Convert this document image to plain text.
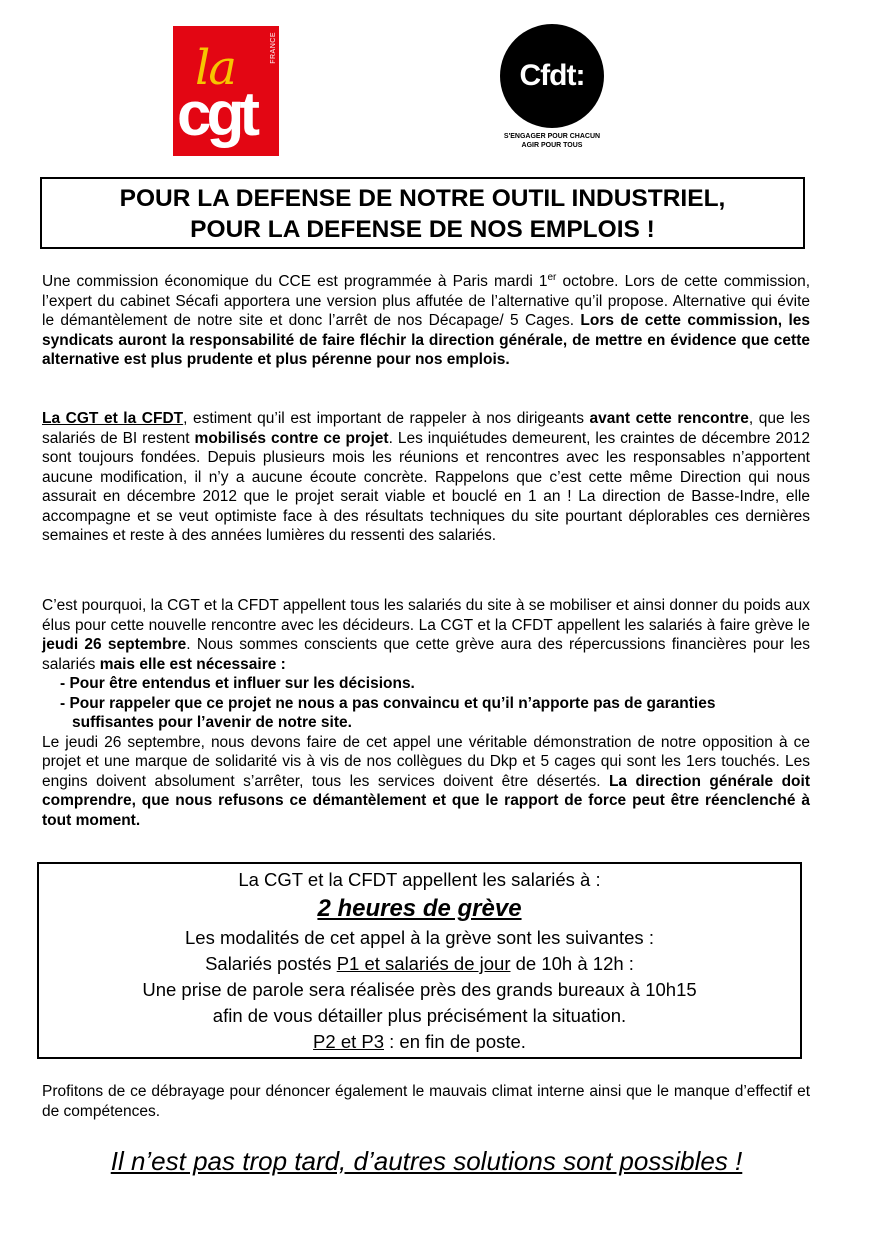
FRANCE
la
cgt
Cfdt:
S'ENGAGER POUR CHACUN
AGIR POUR TOUS
POUR LA DEFENSE DE NOTRE OUTIL INDUSTRIEL,
POUR LA DEFENSE DE NOS EMPLOIS !

Une commission économique du CCE est programmée à Paris mardi 1er octobre. Lors de cette commission, l’expert du cabinet Sécafi apportera une version plus affutée de l’alternative qu’il propose. Alternative qui évite le démantèlement de notre site et donc l’arrêt de nos Décapage/ 5 Cages. Lors de cette commission, les syndicats auront la responsabilité de faire fléchir la direction générale, de mettre en évidence que cette alternative est plus prudente et plus pérenne pour nos emplois.

La CGT et la CFDT, estiment qu’il est important de rappeler à nos dirigeants avant cette rencontre, que les salariés de BI restent mobilisés contre ce projet. Les inquiétudes demeurent, les craintes de décembre 2012 sont toujours fondées. Depuis plusieurs mois les réunions et rencontres avec les responsables n’apportent aucune modification, il n’y a aucune écoute concrète. Rappelons que c’est cette même Direction qui nous assurait en décembre 2012 que le projet serait viable et bouclé en 1 an ! La direction de Basse-Indre, elle accompagne et se veut optimiste face à des résultats techniques du site pourtant déplorables ces dernières semaines et reste à des années lumières du ressenti des salariés.

C’est pourquoi, la CGT et la CFDT appellent tous les salariés du site à se mobiliser et ainsi donner du poids aux élus pour cette nouvelle rencontre avec les décideurs. La CGT et la CFDT appellent les salariés à faire grève le jeudi 26 septembre. Nous sommes conscients que cette grève aura des répercussions financières pour les salariés mais elle est nécessaire :

- Pour être entendus et influer sur les décisions.
- Pour rappeler que ce projet ne nous a pas convaincu et qu’il n’apporte pas de garanties
suffisantes pour l’avenir de notre site.

Le jeudi 26 septembre, nous devons faire de cet appel une véritable démonstration de notre opposition à ce projet et une marque de solidarité vis à vis de nos collègues du Dkp et 5 cages qui sont les 1ers touchés. Les engins doivent absolument s’arrêter, tous les services doivent être désertés. La direction générale doit comprendre, que nous refusons ce démantèlement et que le rapport de force peut être réenclenché à tout moment.

La CGT et la CFDT appellent les salariés à :
2 heures de grève
Les modalités de cet appel à la grève sont les suivantes :
Salariés postés P1 et salariés de jour de 10h à 12h :
Une prise de parole sera réalisée près des grands bureaux à 10h15
afin de vous détailler plus précisément la situation.
P2 et P3 : en fin de poste.
Profitons de ce débrayage pour dénoncer également le mauvais climat interne ainsi que le manque d’effectif et de compétences.
Il n’est pas trop tard, d’autres solutions sont possibles !
